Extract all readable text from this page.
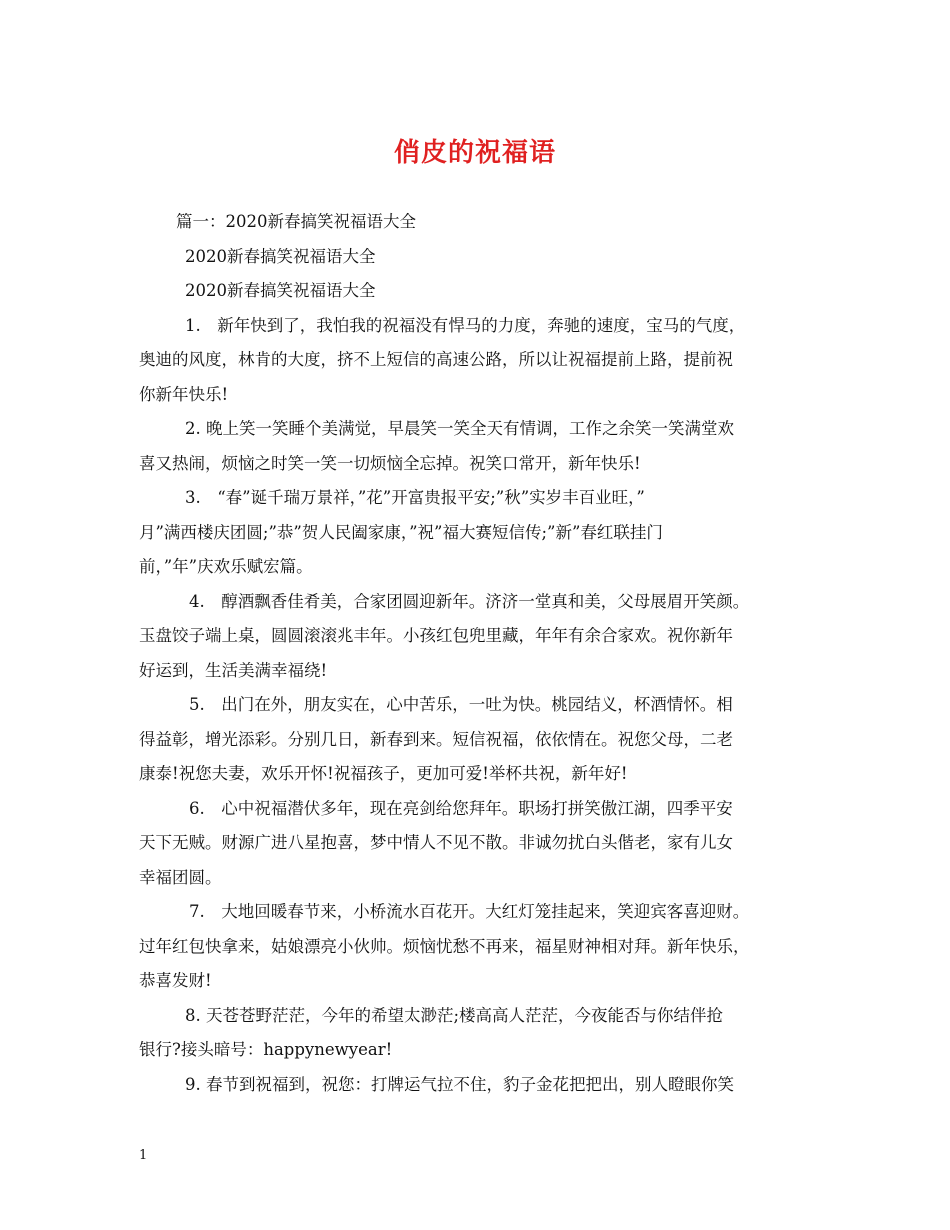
俏皮的祝福语
篇一：2020新春搞笑祝福语大全
2020新春搞笑祝福语大全
2020新春搞笑祝福语大全
1.　新年快到了，我怕我的祝福没有悍马的力度，奔驰的速度，宝马的气度，
奥迪的风度，林肯的大度，挤不上短信的高速公路，所以让祝福提前上路，提前祝
你新年快乐!
2. 晚上笑一笑睡个美满觉，早晨笑一笑全天有情调，工作之余笑一笑满堂欢
喜又热闹，烦恼之时笑一笑一切烦恼全忘掉。祝笑口常开，新年快乐!
3.　“春”诞千瑞万景祥，”花”开富贵报平安;”秋”实岁丰百业旺，”
月”满西楼庆团圆;”恭”贺人民阖家康，”祝”福大赛短信传;”新”春红联挂门
前，”年”庆欢乐赋宏篇。
4.　醇酒飘香佳肴美，合家团圆迎新年。济济一堂真和美，父母展眉开笑颜。
玉盘饺子端上桌，圆圆滚滚兆丰年。小孩红包兜里藏，年年有余合家欢。祝你新年
好运到，生活美满幸福绕!
5.　出门在外，朋友实在，心中苦乐，一吐为快。桃园结义，杯酒情怀。相
得益彰，增光添彩。分别几日，新春到来。短信祝福，依依情在。祝您父母，二老
康泰!祝您夫妻，欢乐开怀!祝福孩子，更加可爱!举杯共祝，新年好!
6.　心中祝福潜伏多年，现在亮剑给您拜年。职场打拼笑傲江湖，四季平安
天下无贼。财源广进八星抱喜，梦中情人不见不散。非诚勿扰白头偕老，家有儿女
幸福团圆。
7.　大地回暖春节来，小桥流水百花开。大红灯笼挂起来，笑迎宾客喜迎财。
过年红包快拿来，姑娘漂亮小伙帅。烦恼忧愁不再来，福星财神相对拜。新年快乐，
恭喜发财!
8. 天苍苍野茫茫，今年的希望太渺茫;楼高高人茫茫，今夜能否与你结伴抢
银行?接头暗号：happynewyear!
9. 春节到祝福到，祝您：打牌运气拉不住，豹子金花把把出，别人瞪眼你笑
1
